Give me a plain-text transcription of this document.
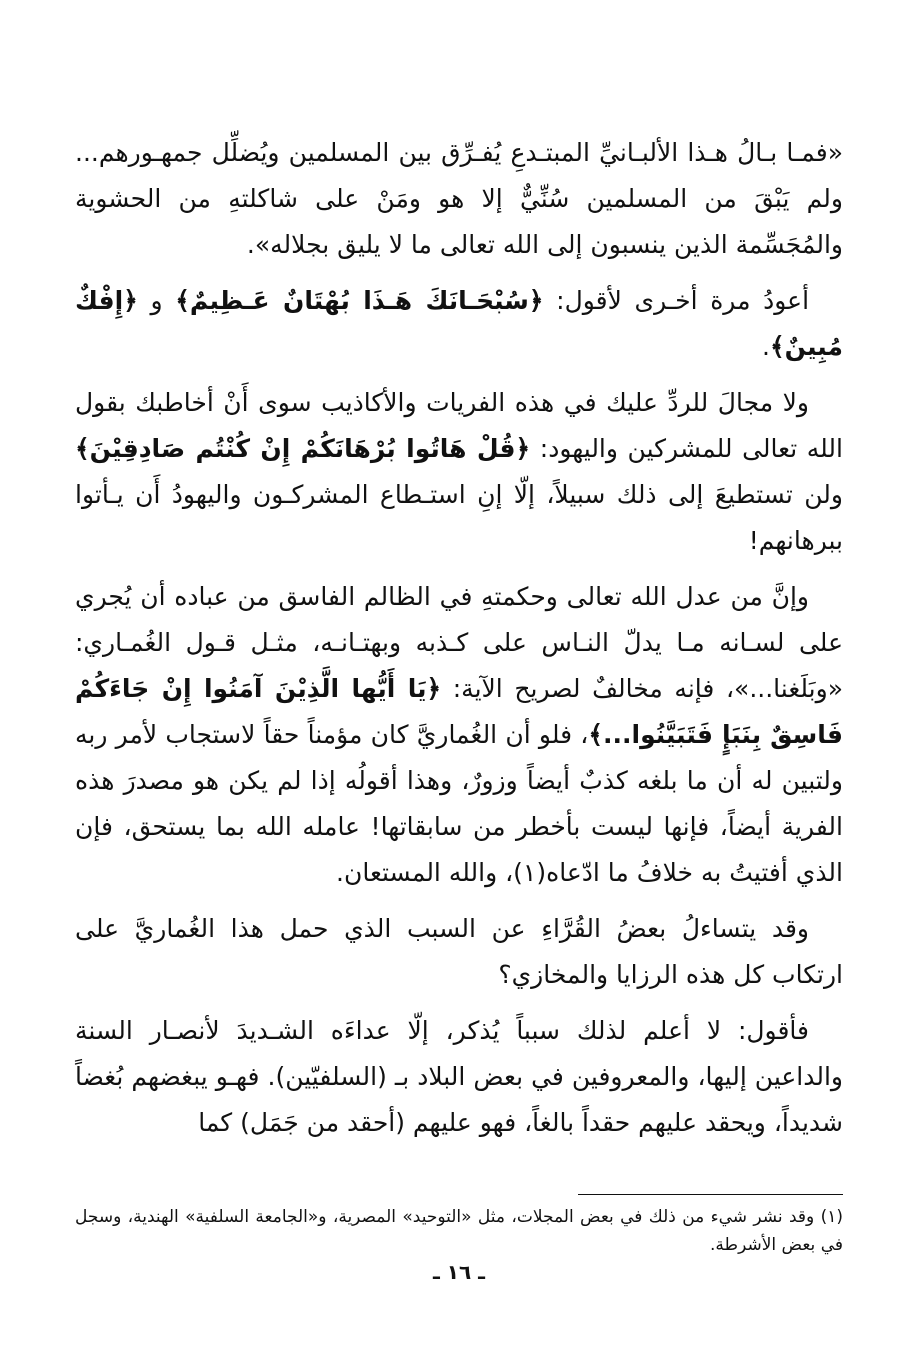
«فمـا بـالُ هـذا الألبـانيِّ المبتـدعِ يُفـرِّق بين المسلمين ويُضلِّل جمهـورهم... ولم يَبْقَ من المسلمين سُنِّيٌّ إلا هو ومَنْ على شاكلتهِ من الحشوية والمُجَسِّمة الذين ينسبون إلى الله تعالى ما لا يليق بجلاله».

أعودُ مرة أخـرى لأقول: ﴿سُبْحَـانَكَ هَـذَا بُهْتَانٌ عَـظِيمٌ﴾ و ﴿إِفْكٌ مُبِينٌ﴾.

ولا مجالَ للردِّ عليك في هذه الفريات والأكاذيب سوى أَنْ أخاطبك بقول الله تعالى للمشركين واليهود: ﴿قُلْ هَاتُوا بُرْهَانَكُمْ إِنْ كُنْتُم صَادِقِيْنَ﴾ ولن تستطيعَ إلى ذلك سبيلاً، إلّا إنِ استـطاع المشركـون واليهودُ أَن يـأتوا ببرهانهم!

وإنَّ من عدل الله تعالى وحكمتهِ في الظالم الفاسق من عباده أن يُجري على لسـانه مـا يدلّ النـاس على كـذبه وبهتـانـه، مثـل قـول الغُمـاري: «وبَلَغنا...»، فإنه مخالفٌ لصريح الآية: ﴿يَا أَيُّها الَّذِيْنَ آمَنُوا إِنْ جَاءَكُمْ فَاسِقٌ بِنَبَإٍ فَتَبَيَّنُوا...﴾، فلو أن الغُماريَّ كان مؤمناً حقاً لاستجاب لأمر ربه ولتبين له أن ما بلغه كذبٌ أيضاً وزورٌ، وهذا أقولُه إذا لم يكن هو مصدرَ هذه الفرية أيضاً، فإنها ليست بأخطر من سابقاتها! عامله الله بما يستحق، فإن الذي أفتيتُ به خلافُ ما ادّعاه(١)، والله المستعان.

وقد يتساءلُ بعضُ القُرَّاءِ عن السبب الذي حمل هذا الغُماريَّ على ارتكاب كل هذه الرزايا والمخازي؟

فأقول: لا أعلم لذلك سبباً يُذكر، إلّا عداءَه الشـديدَ لأنصـار السنة والداعين إليها، والمعروفين في بعض البلاد بـ (السلفيّين). فهـو يبغضهم بُغضاً شديداً، ويحقد عليهم حقداً بالغاً، فهو عليهم (أحقد من جَمَل) كما

(١) وقد نشر شيء من ذلك في بعض المجلات، مثل «التوحيد» المصرية، و«الجامعة السلفية» الهندية، وسجل في بعض الأشرطة.
ـ ١٦ ـ
